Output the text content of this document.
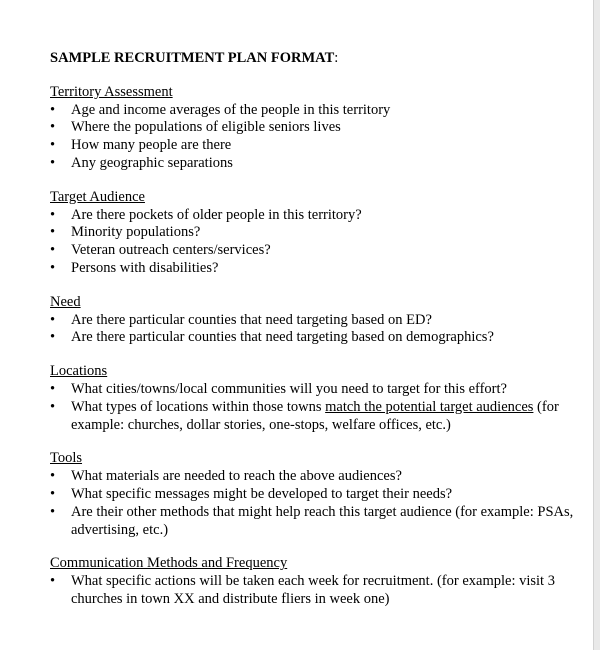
SAMPLE RECRUITMENT PLAN FORMAT:
Territory Assessment
•	Age and income averages of the people in this territory
•	Where the populations of eligible seniors lives
•	How many people are there
•	Any geographic separations
Target Audience
•	Are there pockets of older people in this territory?
•	Minority populations?
•	Veteran outreach centers/services?
•	Persons with disabilities?
Need
•	Are there particular counties that need targeting based on ED?
•	Are there particular counties that need targeting based on demographics?
Locations
•	What cities/towns/local communities will you need to target for this effort?
•	What types of locations within those towns match the potential target audiences (for example: churches, dollar stories, one-stops, welfare offices, etc.)
Tools
•	What materials are needed to reach the above audiences?
•	What specific messages might be developed to target their needs?
•	Are their other methods that might help reach this target audience (for example: PSAs, advertising, etc.)
Communication Methods and Frequency
•	What specific actions will be taken each week for recruitment. (for example: visit 3 churches in town XX and distribute fliers in week one)
